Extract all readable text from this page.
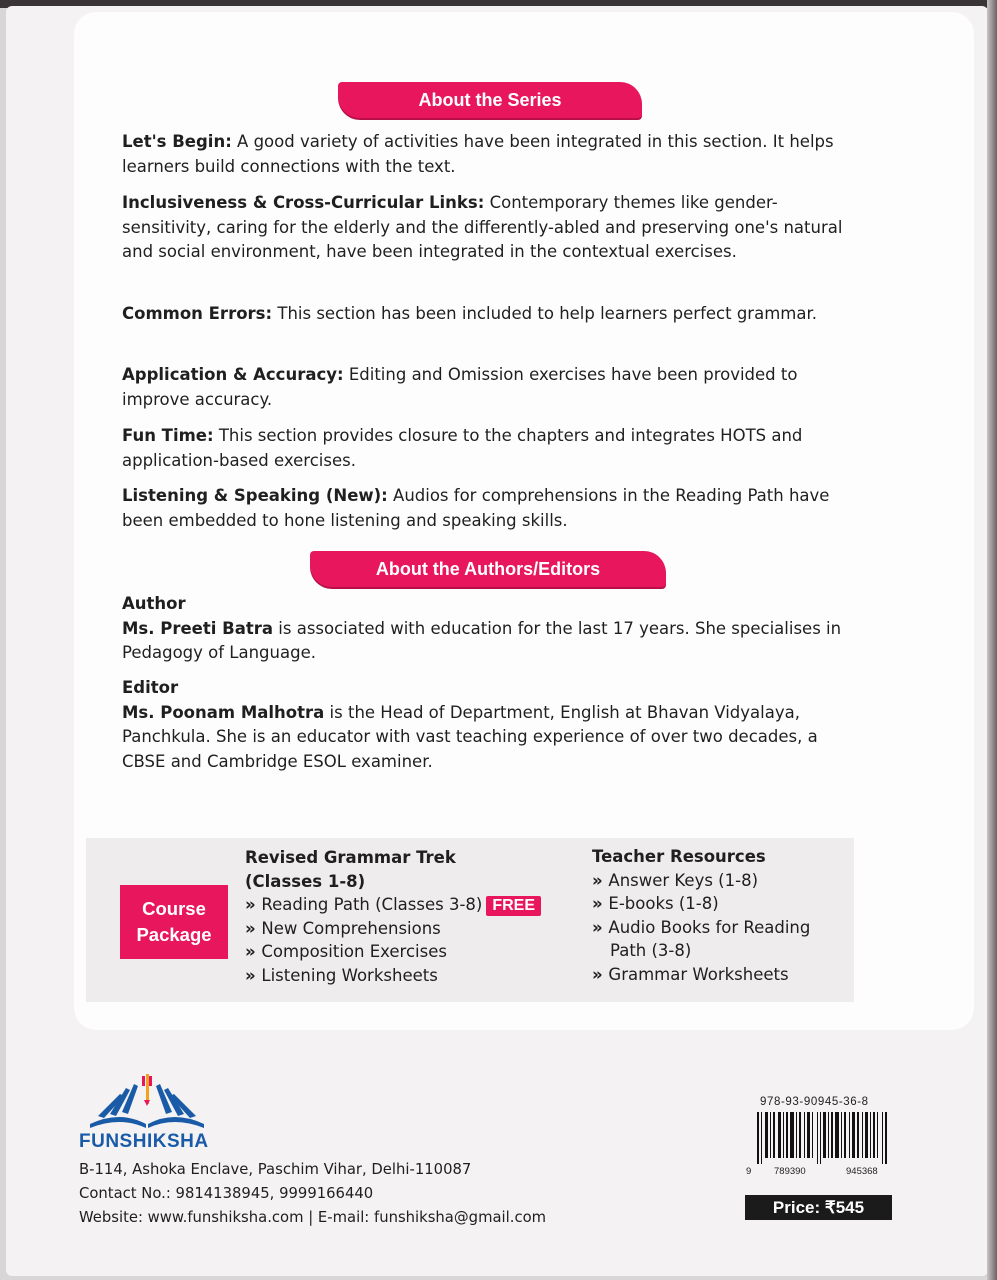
About the Series

Let's Begin: A good variety of activities have been integrated in this section. It helps learners build connections with the text.

Inclusiveness & Cross-Curricular Links: Contemporary themes like gender-sensitivity, caring for the elderly and the differently-abled and preserving one's natural and social environment, have been integrated in the contextual exercises.

Common Errors: This section has been included to help learners perfect grammar.

Application & Accuracy: Editing and Omission exercises have been provided to improve accuracy.

Fun Time: This section provides closure to the chapters and integrates HOTS and application-based exercises.

Listening & Speaking (New): Audios for comprehensions in the Reading Path have been embedded to hone listening and speaking skills.

About the Authors/Editors

Author
Ms. Preeti Batra is associated with education for the last 17 years. She specialises in Pedagogy of Language.

Editor
Ms. Poonam Malhotra is the Head of Department, English at Bhavan Vidyalaya, Panchkula. She is an educator with vast teaching experience of over two decades, a CBSE and Cambridge ESOL examiner.

Course
Package
Revised Grammar Trek
(Classes 1-8)
» Reading Path (Classes 3-8) FREE
» New Comprehensions
» Composition Exercises
» Listening Worksheets
Teacher Resources
» Answer Keys (1-8)
» E-books (1-8)
» Audio Books for Reading
Path (3-8)
» Grammar Worksheets
FUNSHIKSHA
B-114, Ashoka Enclave, Paschim Vihar, Delhi-110087
Contact No.: 9814138945, 9999166440
Website: www.funshiksha.com | E-mail: funshiksha@gmail.com
978-93-90945-36-8
9 789390	945368
Price: ₹545
